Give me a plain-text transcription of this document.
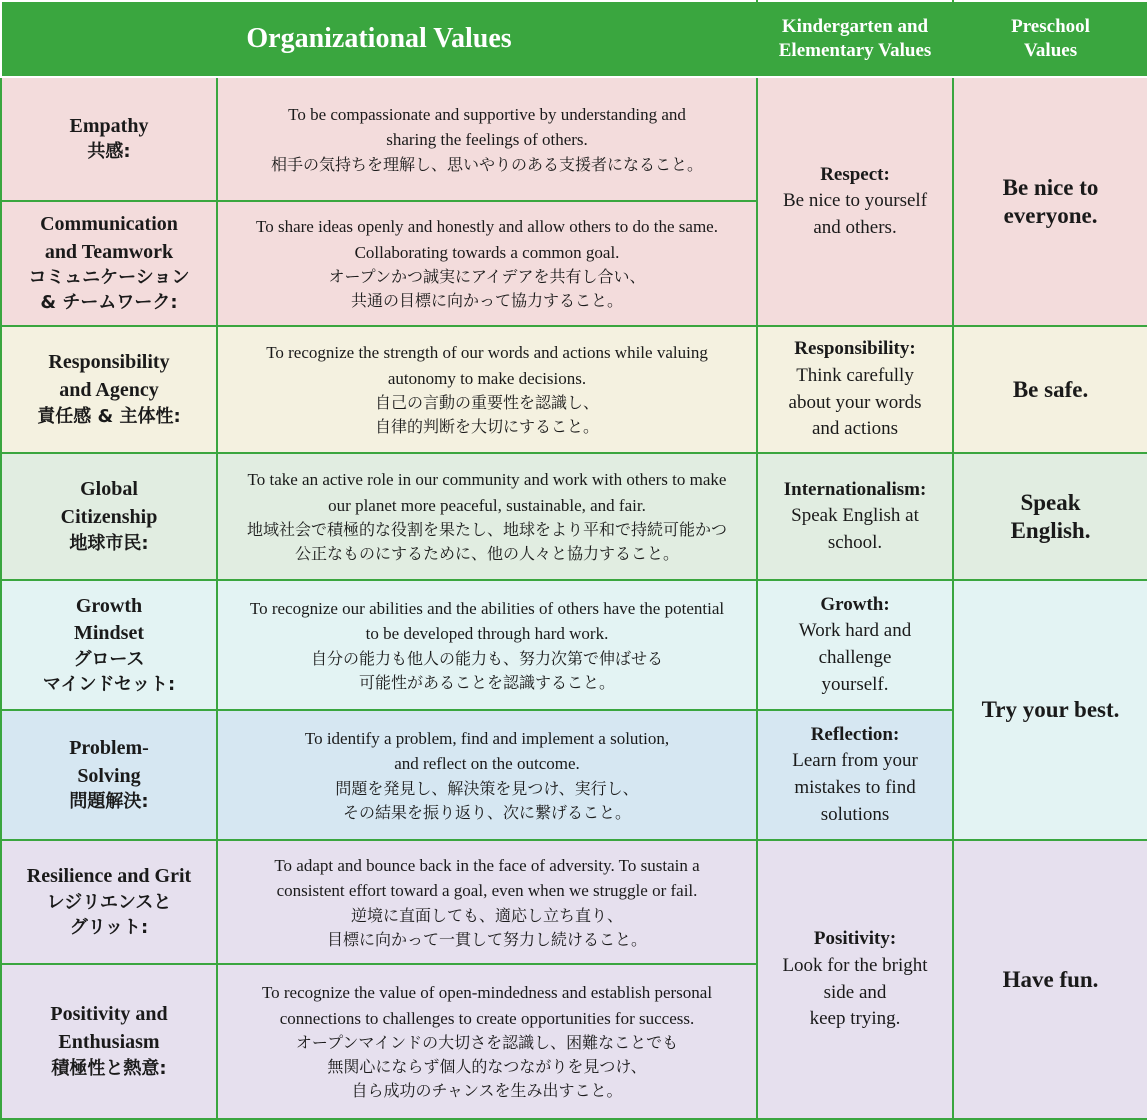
Organizational Values		Kindergarten and
Elementary Values	Preschool
Values

Empathy
共感:	To be compassionate and supportive by understanding and
sharing the feelings of others.
相手の気持ちを理解し、思いやりのある支援者になること。	Respect:
Be nice to yourself
and others.	Be nice to
everyone.

Communication
and Teamwork
コミュニケーション
& チームワーク:	To share ideas openly and honestly and allow others to do the same.
Collaborating towards a common goal.
オープンかつ誠実にアイデアを共有し合い、
共通の目標に向かって協力すること。		

Responsibility
and Agency
責任感 & 主体性:	To recognize the strength of our words and actions while valuing
autonomy to make decisions.
自己の言動の重要性を認識し、
自律的判断を大切にすること。	Responsibility:
Think carefully
about your words
and actions	Be safe.

Global
Citizenship
地球市民:	To take an active role in our community and work with others to make
our planet more peaceful, sustainable, and fair.
地域社会で積極的な役割を果たし、地球をより平和で持続可能かつ
公正なものにするために、他の人々と協力すること。	Internationalism:
Speak English at
school.	Speak
English.

Growth
Mindset
グロース
マインドセット:	To recognize our abilities and the abilities of others have the potential
to be developed through hard work.
自分の能力も他人の能力も、努力次第で伸ばせる
可能性があることを認識すること。	Growth:
Work hard and
challenge
yourself.	Try your best.

Problem-
Solving
問題解決:	To identify a problem, find and implement a solution,
and reflect on the outcome.
問題を発見し、解決策を見つけ、実行し、
その結果を振り返り、次に繋げること。	Reflection:
Learn from your
mistakes to find
solutions	

Resilience and Grit
レジリエンスと
グリット:	To adapt and bounce back in the face of adversity. To sustain a
consistent effort toward a goal, even when we struggle or fail.
逆境に直面しても、適応し立ち直り、
目標に向かって一貫して努力し続けること。	Positivity:
Look for the bright
side and
keep trying.	Have fun.

Positivity and
Enthusiasm
積極性と熱意:	To recognize the value of open-mindedness and establish personal
connections to challenges to create opportunities for success.
オープンマインドの大切さを認識し、困難なことでも
無関心にならず個人的なつながりを見つけ、
自ら成功のチャンスを生み出すこと。		
